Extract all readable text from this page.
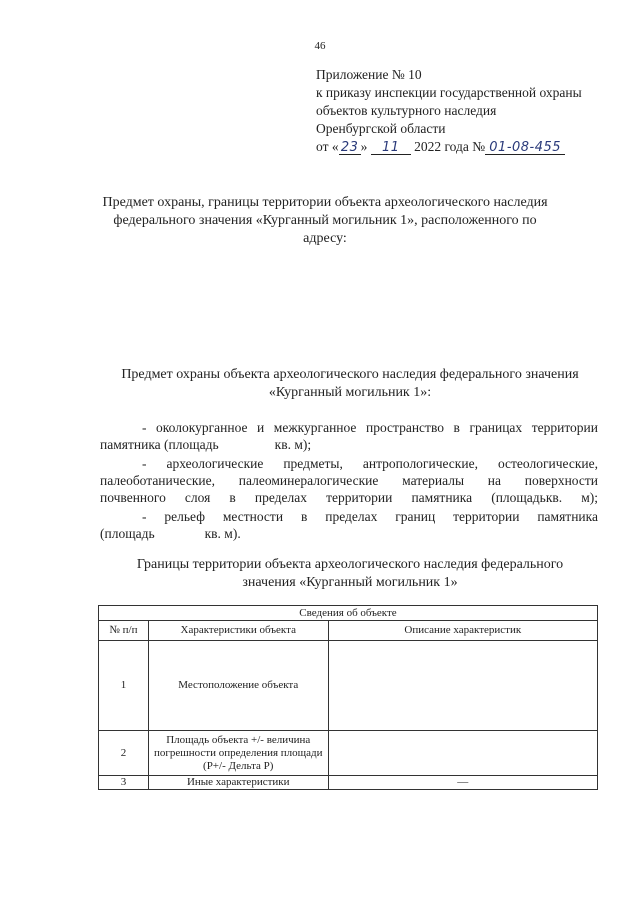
46
Приложение № 10
к приказу инспекции государственной охраны
объектов культурного наследия
Оренбургской области
от « 23 » 11 2022 года № 01-08-455
Предмет охраны, границы территории объекта археологического наследия
федерального значения «Курганный могильник 1», расположенного по
адресу:
Предмет охраны объекта археологического наследия федерального значения
«Курганный могильник 1»:
- околокурганное и межкурганное пространство в границах территории
памятника (площадь	кв. м);
- археологические предметы, антропологические, остеологические,
палеоботанические, палеоминералогические материалы на поверхности
почвенного слоя в пределах территории памятника (площадькв. м);
- рельеф местности в пределах границ территории памятника
(площадь	кв. м).
Границы территории объекта археологического наследия федерального
значения «Курганный могильник 1»
Сведения об объекте		
№ п/п	Характеристики объекта	Описание характеристик
1	Местоположение объекта	
2	Площадь объекта +/- величина погрешности определения площади (P+/- Дельта P)	
3	Иные характеристики	—
